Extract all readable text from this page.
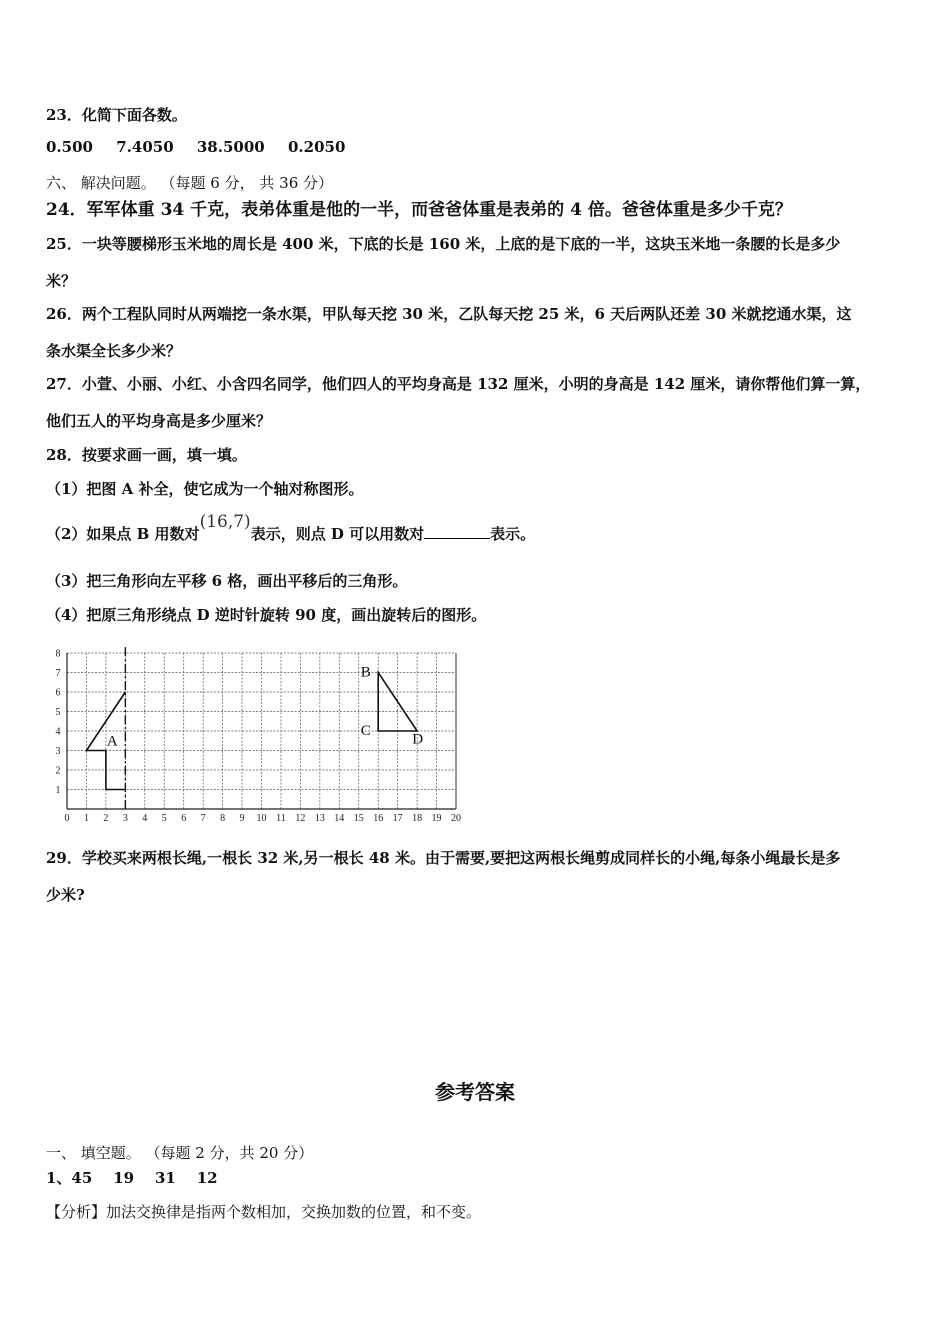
23．化简下面各数。
0.500 7.4050 38.5000 0.2050
六、 解决问题。 （每题 6 分， 共 36 分）
24．军军体重 34 千克，表弟体重是他的一半，而爸爸体重是表弟的 4 倍。爸爸体重是多少千克？
25．一块等腰梯形玉米地的周长是 400 米，下底的长是 160 米，上底的是下底的一半，这块玉米地一条腰的长是多少
米？
26．两个工程队同时从两端挖一条水渠，甲队每天挖 30 米，乙队每天挖 25 米，6 天后两队还差 30 米就挖通水渠，这
条水渠全长多少米？
27．小萱、小丽、小红、小含四名同学，他们四人的平均身高是 132 厘米，小明的身高是 142 厘米，请你帮他们算一算，
他们五人的平均身高是多少厘米？
28．按要求画一画，填一填。
（1）把图 A 补全，使它成为一个轴对称图形。
（2）如果点 B 用数对(16,7)表示，则点 D 可以用数对	表示。
（3）把三角形向左平移 6 格，画出平移后的三角形。
（4）把原三角形绕点 D 逆时针旋转 90 度，画出旋转后的图形。
0 1 2 3 4 5 6 7 8 9 10 11 12 13 14 15 16 17 18 19 20
1
2
3
4
5
6
7
8
A
B
C
D
29．学校买来两根长绳,一根长 32 米,另一根长 48 米。由于需要,要把这两根长绳剪成同样长的小绳,每条小绳最长是多
少米?
参考答案
一、 填空题。 （每题 2 分，共 20 分）
1、45    19    31    12
【分析】加法交换律是指两个数相加，交换加数的位置，和不变。
